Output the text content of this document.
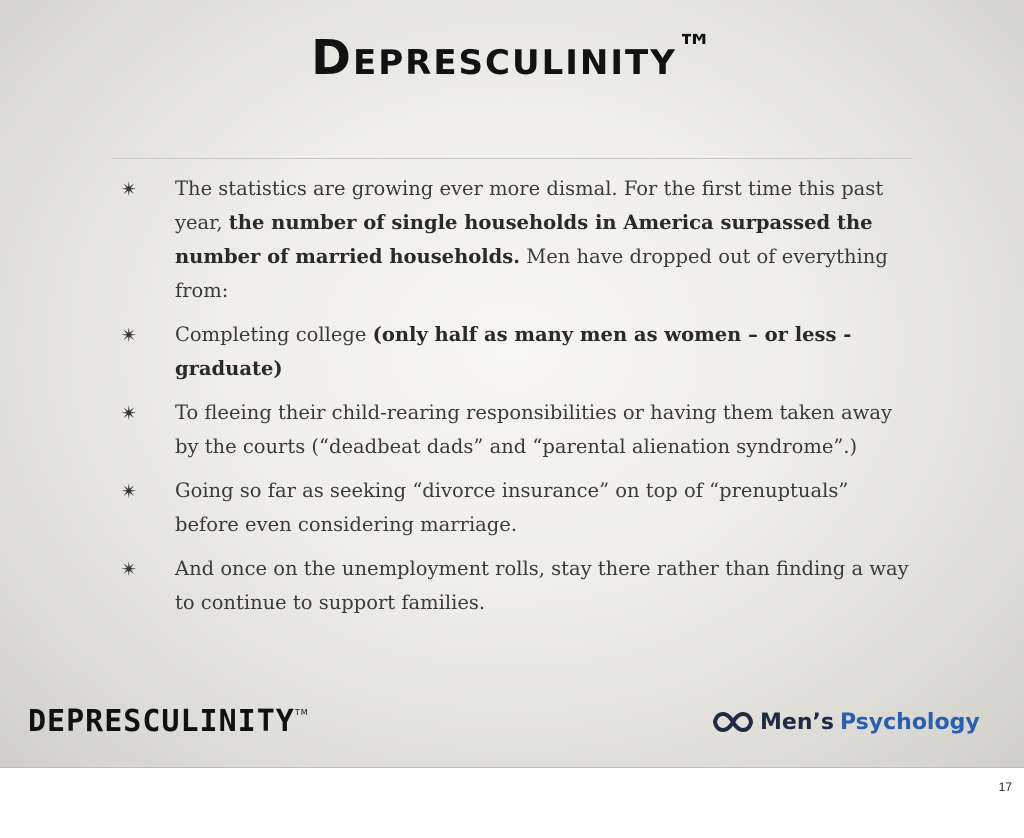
Depresculinity™
✴ The statistics are growing ever more dismal. For the first time this past year, the number of single households in America surpassed the number of married households. Men have dropped out of everything from:
✴ Completing college (only half as many men as women – or less - graduate)
✴ To fleeing their child-rearing responsibilities or having them taken away by the courts (“deadbeat dads” and “parental alienation syndrome”.)
✴ Going so far as seeking “divorce insurance” on top of “prenuptuals” before even considering marriage.
✴ And once on the unemployment rolls, stay there rather than finding a way to continue to support families.
DEPRESCULINITY™	Men’s Psychology
17
